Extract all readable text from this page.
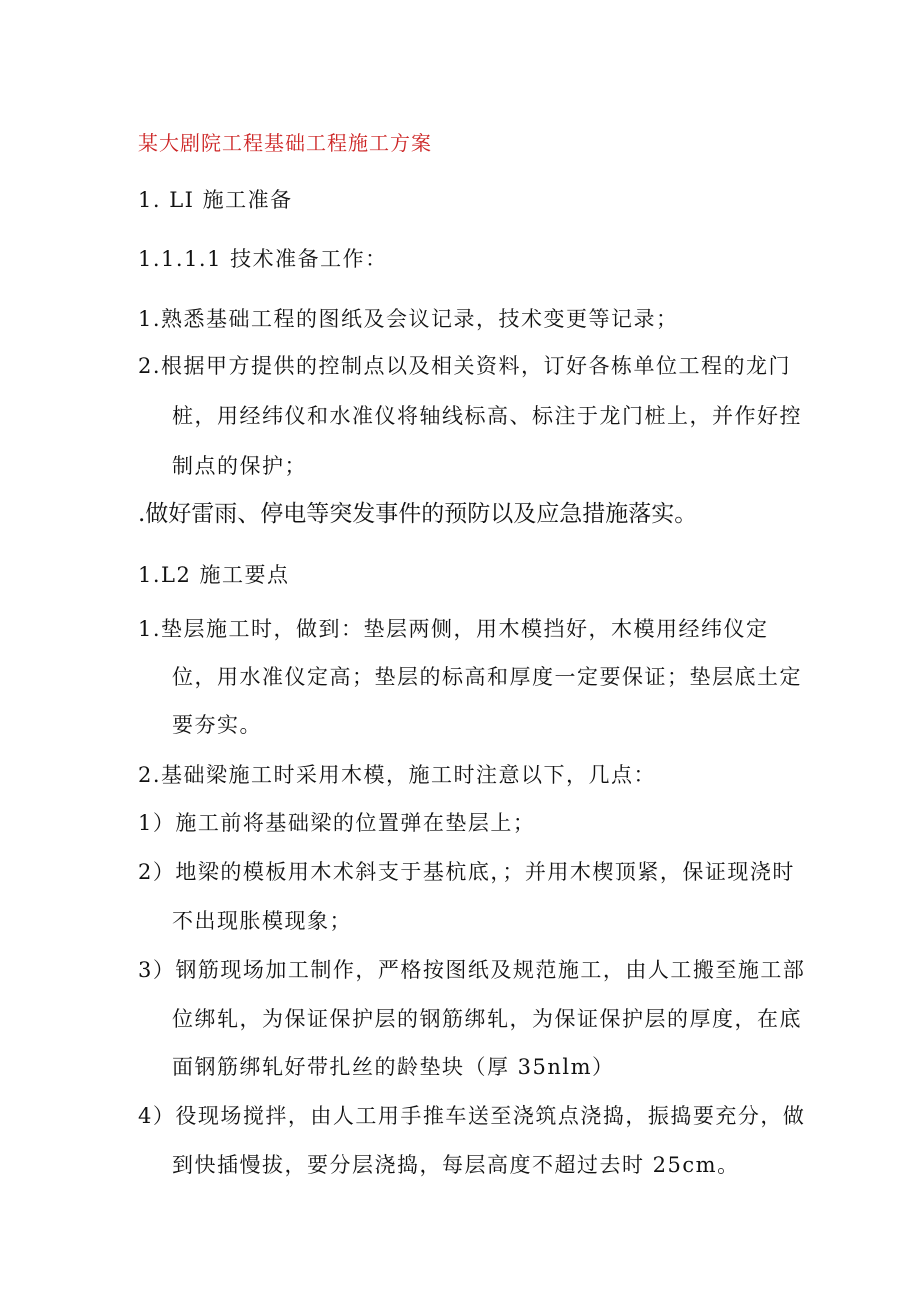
某大剧院工程基础工程施工方案
1. LI 施工准备
1.1.1.1 技术准备工作：
1.熟悉基础工程的图纸及会议记录，技术变更等记录；
2.根据甲方提供的控制点以及相关资料，订好各栋单位工程的龙门
桩，用经纬仪和水准仪将轴线标高、标注于龙门桩上，并作好控
制点的保护；
.做好雷雨、停电等突发事件的预防以及应急措施落实。
1.L2 施工要点
1.垫层施工时，做到：垫层两侧，用木模挡好，木模用经纬仪定
位，用水准仪定高；垫层的标高和厚度一定要保证；垫层底土定
要夯实。
2.基础梁施工时采用木模，施工时注意以下，几点：
1）施工前将基础梁的位置弹在垫层上；
2）地梁的模板用木术斜支于基杭底，；并用木楔顶紧，保证现浇时
不出现胀模现象；
3）钢筋现场加工制作，严格按图纸及规范施工，由人工搬至施工部
位绑轧，为保证保护层的钢筋绑轧，为保证保护层的厚度，在底
面钢筋绑轧好带扎丝的龄垫块（厚 35nlm）
4）役现场搅拌，由人工用手推车送至浇筑点浇捣，振捣要充分，做
到快插慢拔，要分层浇捣，每层高度不超过去时 25cm。
